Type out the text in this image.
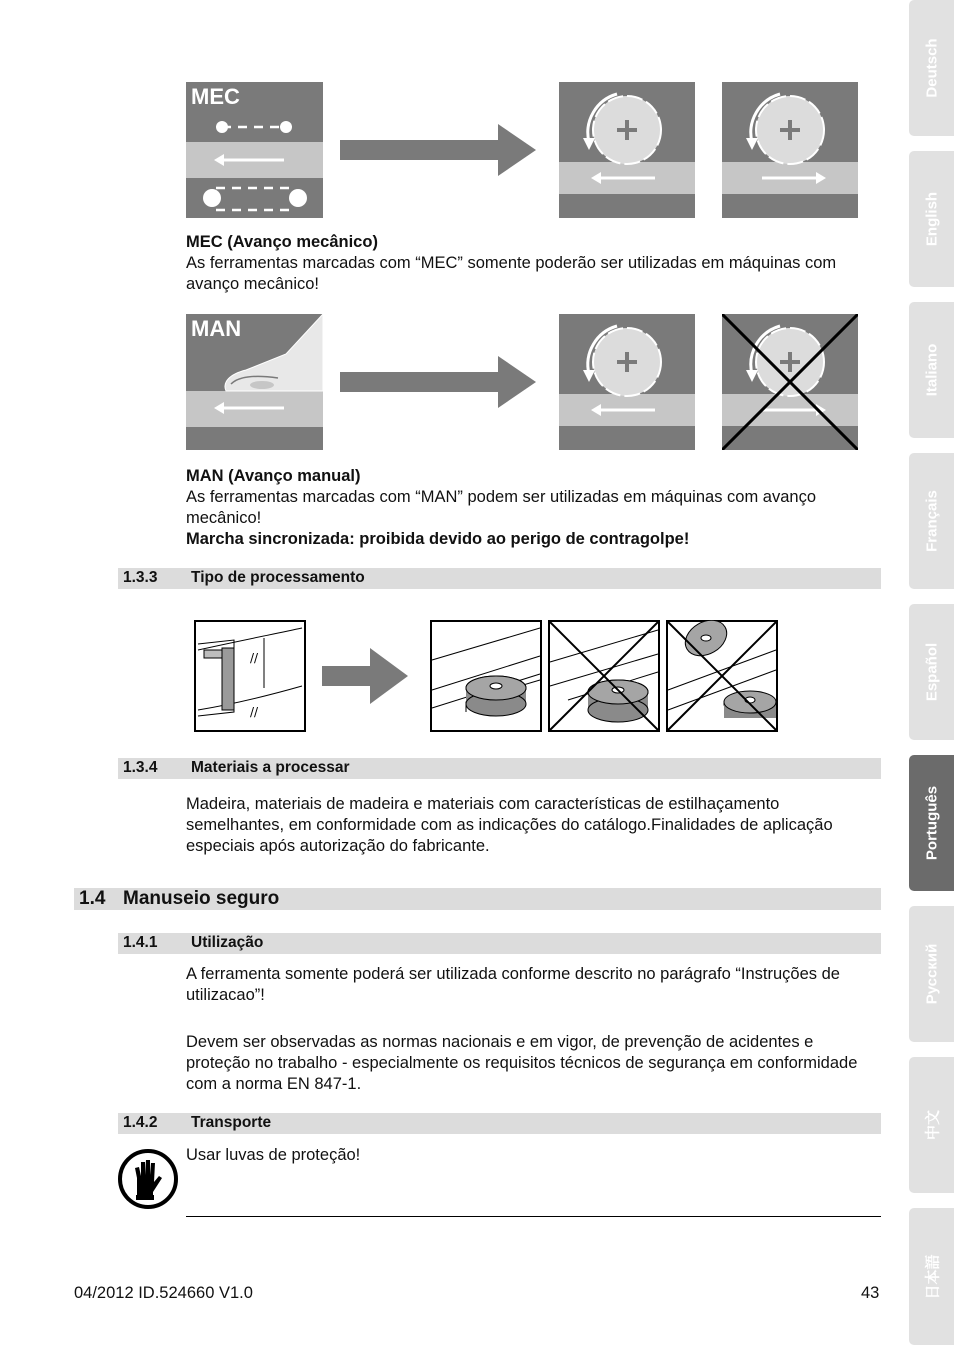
Deutsch
English
Italiano
Français
Español
Português
Русский
中文
日本語
MEC
MEC (Avanço mecânico)
As ferramentas marcadas com “MEC” somente poderão ser utilizadas em máquinas com avanço mecânico!
MAN
MAN (Avanço manual)
As ferramentas marcadas com “MAN” podem ser utilizadas em máquinas com avanço mecânico!
Marcha sincronizada: proibida devido ao perigo de contragolpe!
1.3.3 Tipo de processamento
//
//
1.3.4 Materiais a processar
Madeira, materiais de madeira e materiais com características de estilhaçamento semelhantes, em conformidade com as indicações do catálogo.Finalidades de aplicação especiais após autorização do fabricante.
1.4 Manuseio seguro
1.4.1 Utilização
A ferramenta somente poderá ser utilizada conforme descrito no parágrafo “Instruções de utilizacao”!
Devem ser observadas as normas nacionais e em vigor, de prevenção de acidentes e proteção no trabalho - especialmente os requisitos técnicos de segurança em conformidade com a norma EN 847-1.
1.4.2 Transporte
Usar luvas de proteção!
04/2012 ID.524660 V1.0	43
